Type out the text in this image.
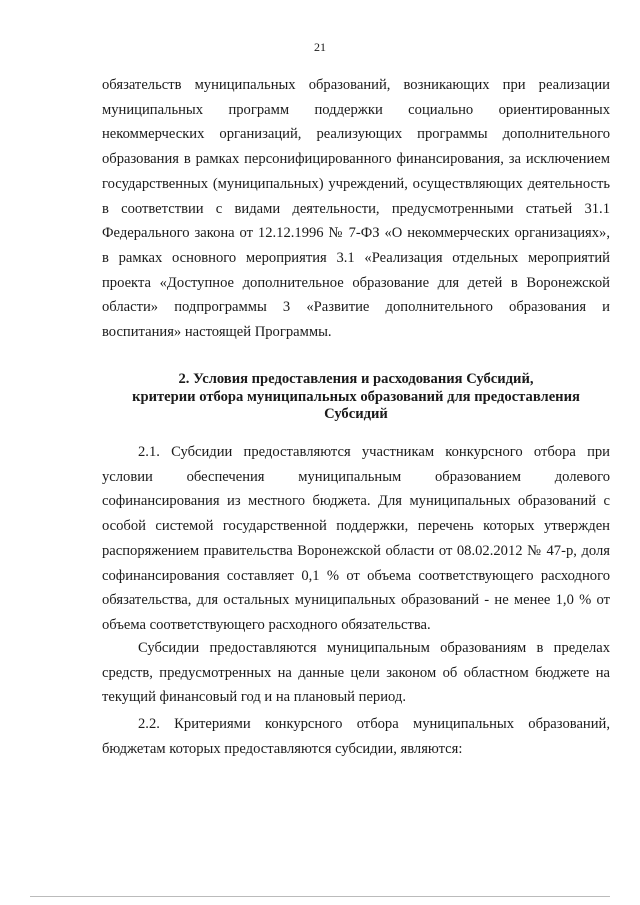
21
обязательств муниципальных образований, возникающих при реализации
муниципальных программ поддержки социально ориентированных
некоммерческих организаций, реализующих программы дополнительного
образования в рамках персонифицированного финансирования, за исключением
государственных (муниципальных) учреждений, осуществляющих деятельность
в соответствии с видами деятельности, предусмотренными статьей 31.1
Федерального закона от 12.12.1996 № 7-ФЗ «О некоммерческих организациях»,
в рамках основного мероприятия 3.1 «Реализация отдельных мероприятий
проекта «Доступное дополнительное образование для детей в Воронежской
области» подпрограммы 3 «Развитие дополнительного образования и
воспитания» настоящей Программы.
2. Условия предоставления и расходования Субсидий,
критерии отбора муниципальных образований для предоставления
Субсидий
2.1. Субсидии предоставляются участникам конкурсного отбора при
условии обеспечения муниципальным образованием долевого
софинансирования из местного бюджета. Для муниципальных образований с
особой системой государственной поддержки, перечень которых утвержден
распоряжением правительства Воронежской области от 08.02.2012 № 47-р, доля
софинансирования составляет 0,1 % от объема соответствующего расходного
обязательства, для остальных муниципальных образований - не менее 1,0 % от
объема соответствующего расходного обязательства.
Субсидии предоставляются муниципальным образованиям в пределах
средств, предусмотренных на данные цели законом об областном бюджете на
текущий финансовый год и на плановый период.
2.2. Критериями конкурсного отбора муниципальных образований,
бюджетам которых предоставляются субсидии, являются:
